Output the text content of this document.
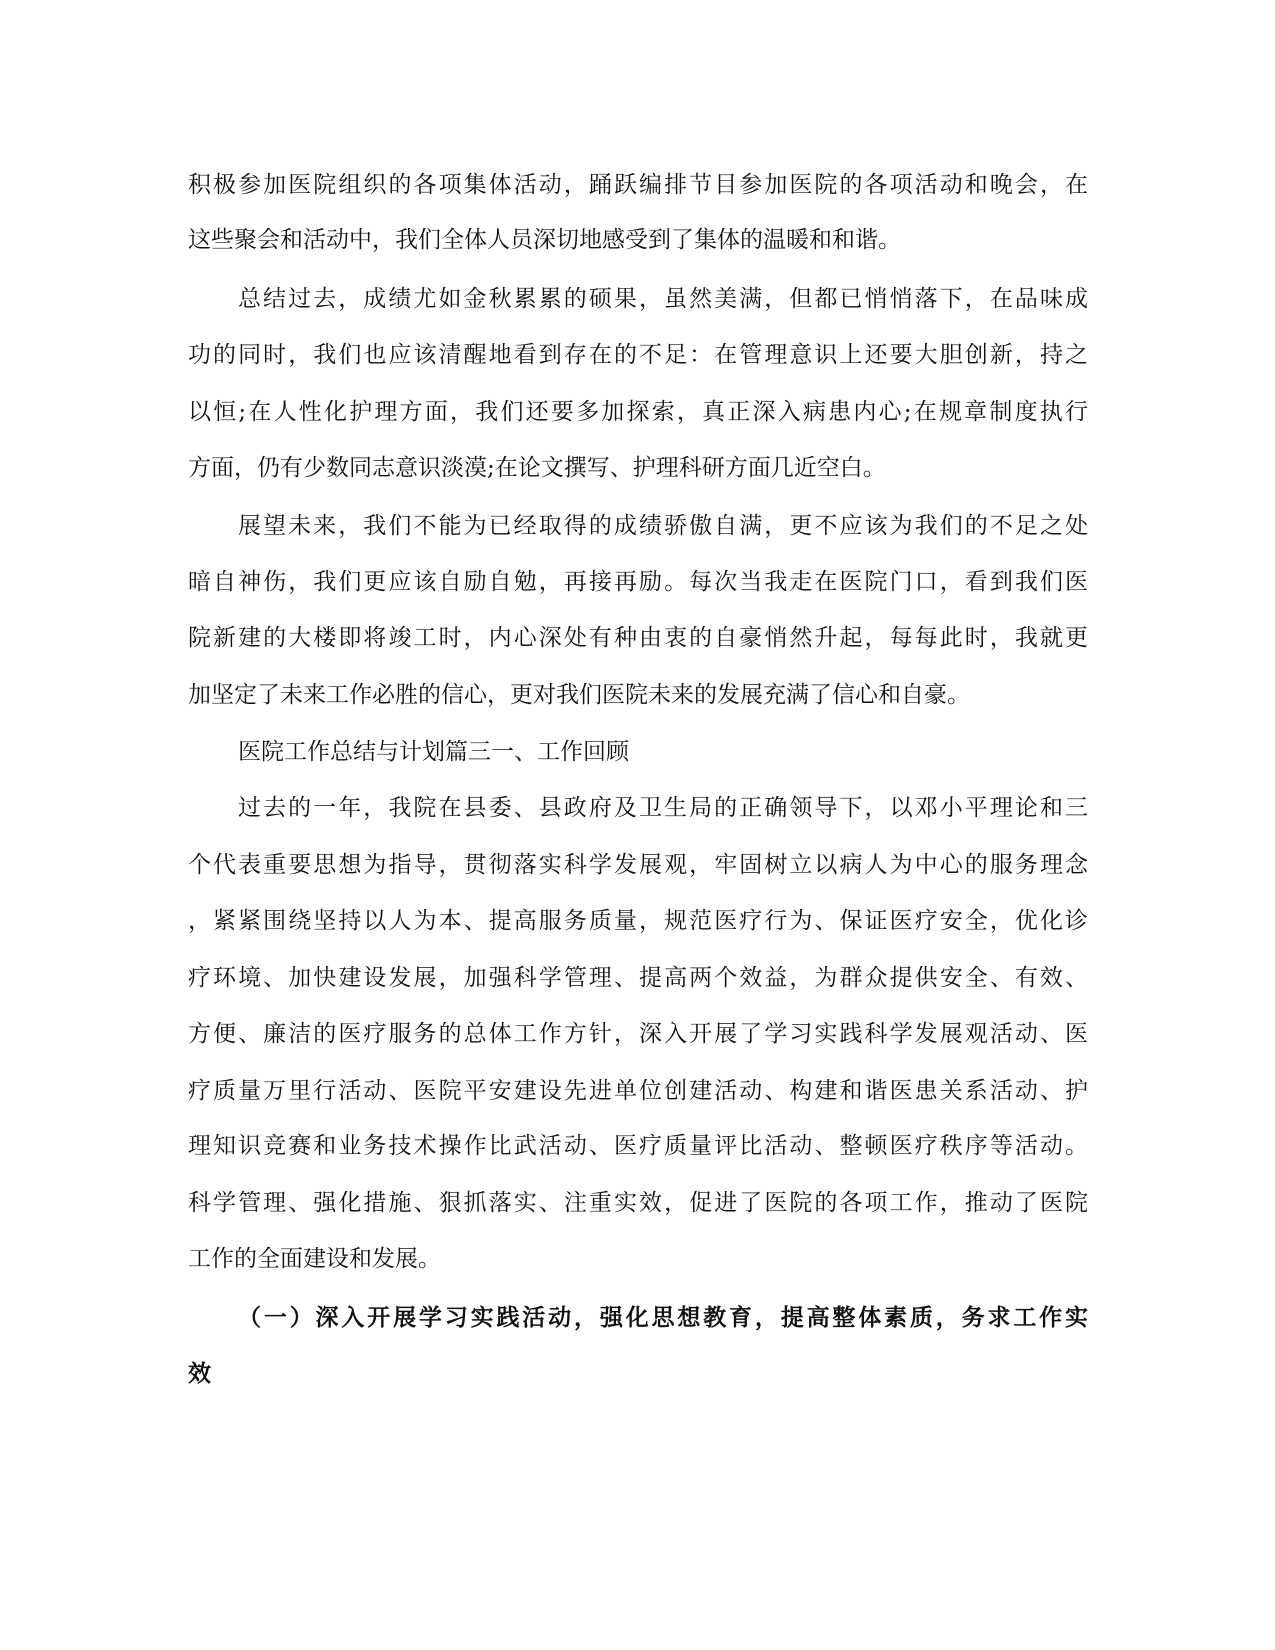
积极参加医院组织的各项集体活动，踊跃编排节目参加医院的各项活动和晚会，在

这些聚会和活动中，我们全体人员深切地感受到了集体的温暖和和谐。

总结过去，成绩尤如金秋累累的硕果，虽然美满，但都已悄悄落下，在品味成

功的同时，我们也应该清醒地看到存在的不足：在管理意识上还要大胆创新，持之

以恒;在人性化护理方面，我们还要多加探索，真正深入病患内心;在规章制度执行

方面，仍有少数同志意识淡漠;在论文撰写、护理科研方面几近空白。

展望未来，我们不能为已经取得的成绩骄傲自满，更不应该为我们的不足之处

暗自神伤，我们更应该自励自勉，再接再励。每次当我走在医院门口，看到我们医

院新建的大楼即将竣工时，内心深处有种由衷的自豪悄然升起，每每此时，我就更

加坚定了未来工作必胜的信心，更对我们医院未来的发展充满了信心和自豪。

医院工作总结与计划篇三一、工作回顾

过去的一年，我院在县委、县政府及卫生局的正确领导下，以邓小平理论和三

个代表重要思想为指导，贯彻落实科学发展观，牢固树立以病人为中心的服务理念

，紧紧围绕坚持以人为本、提高服务质量，规范医疗行为、保证医疗安全，优化诊

疗环境、加快建设发展，加强科学管理、提高两个效益，为群众提供安全、有效、

方便、廉洁的医疗服务的总体工作方针，深入开展了学习实践科学发展观活动、医

疗质量万里行活动、医院平安建设先进单位创建活动、构建和谐医患关系活动、护

理知识竞赛和业务技术操作比武活动、医疗质量评比活动、整顿医疗秩序等活动。

科学管理、强化措施、狠抓落实、注重实效，促进了医院的各项工作，推动了医院

工作的全面建设和发展。

（一）深入开展学习实践活动，强化思想教育，提高整体素质，务求工作实

效
